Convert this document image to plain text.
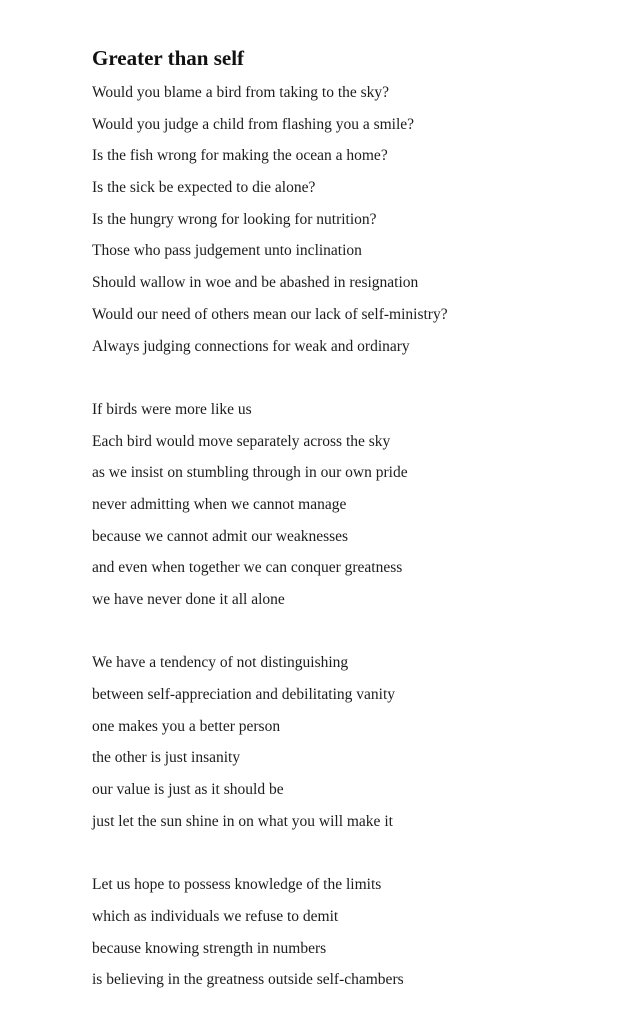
Greater than self
Would you blame a bird from taking to the sky?
Would you judge a child from flashing you a smile?
Is the fish wrong for making the ocean a home?
Is the sick be expected to die alone?
Is the hungry wrong for looking for nutrition?
Those who pass judgement unto inclination
Should wallow in woe and be abashed in resignation
Would our need of others mean our lack of self-ministry?
Always judging connections for weak and ordinary
If birds were more like us
Each bird would move separately across the sky
as we insist on stumbling through in our own pride
never admitting when we cannot manage
because we cannot admit our weaknesses
and even when together we can conquer greatness
we have never done it all alone
We have a tendency of not distinguishing
between self-appreciation and debilitating vanity
one makes you a better person
the other is just insanity
our value is just as it should be
just let the sun shine in on what you will make it
Let us hope to possess knowledge of the limits
which as individuals we refuse to demit
because knowing strength in numbers
is believing in the greatness outside self-chambers
